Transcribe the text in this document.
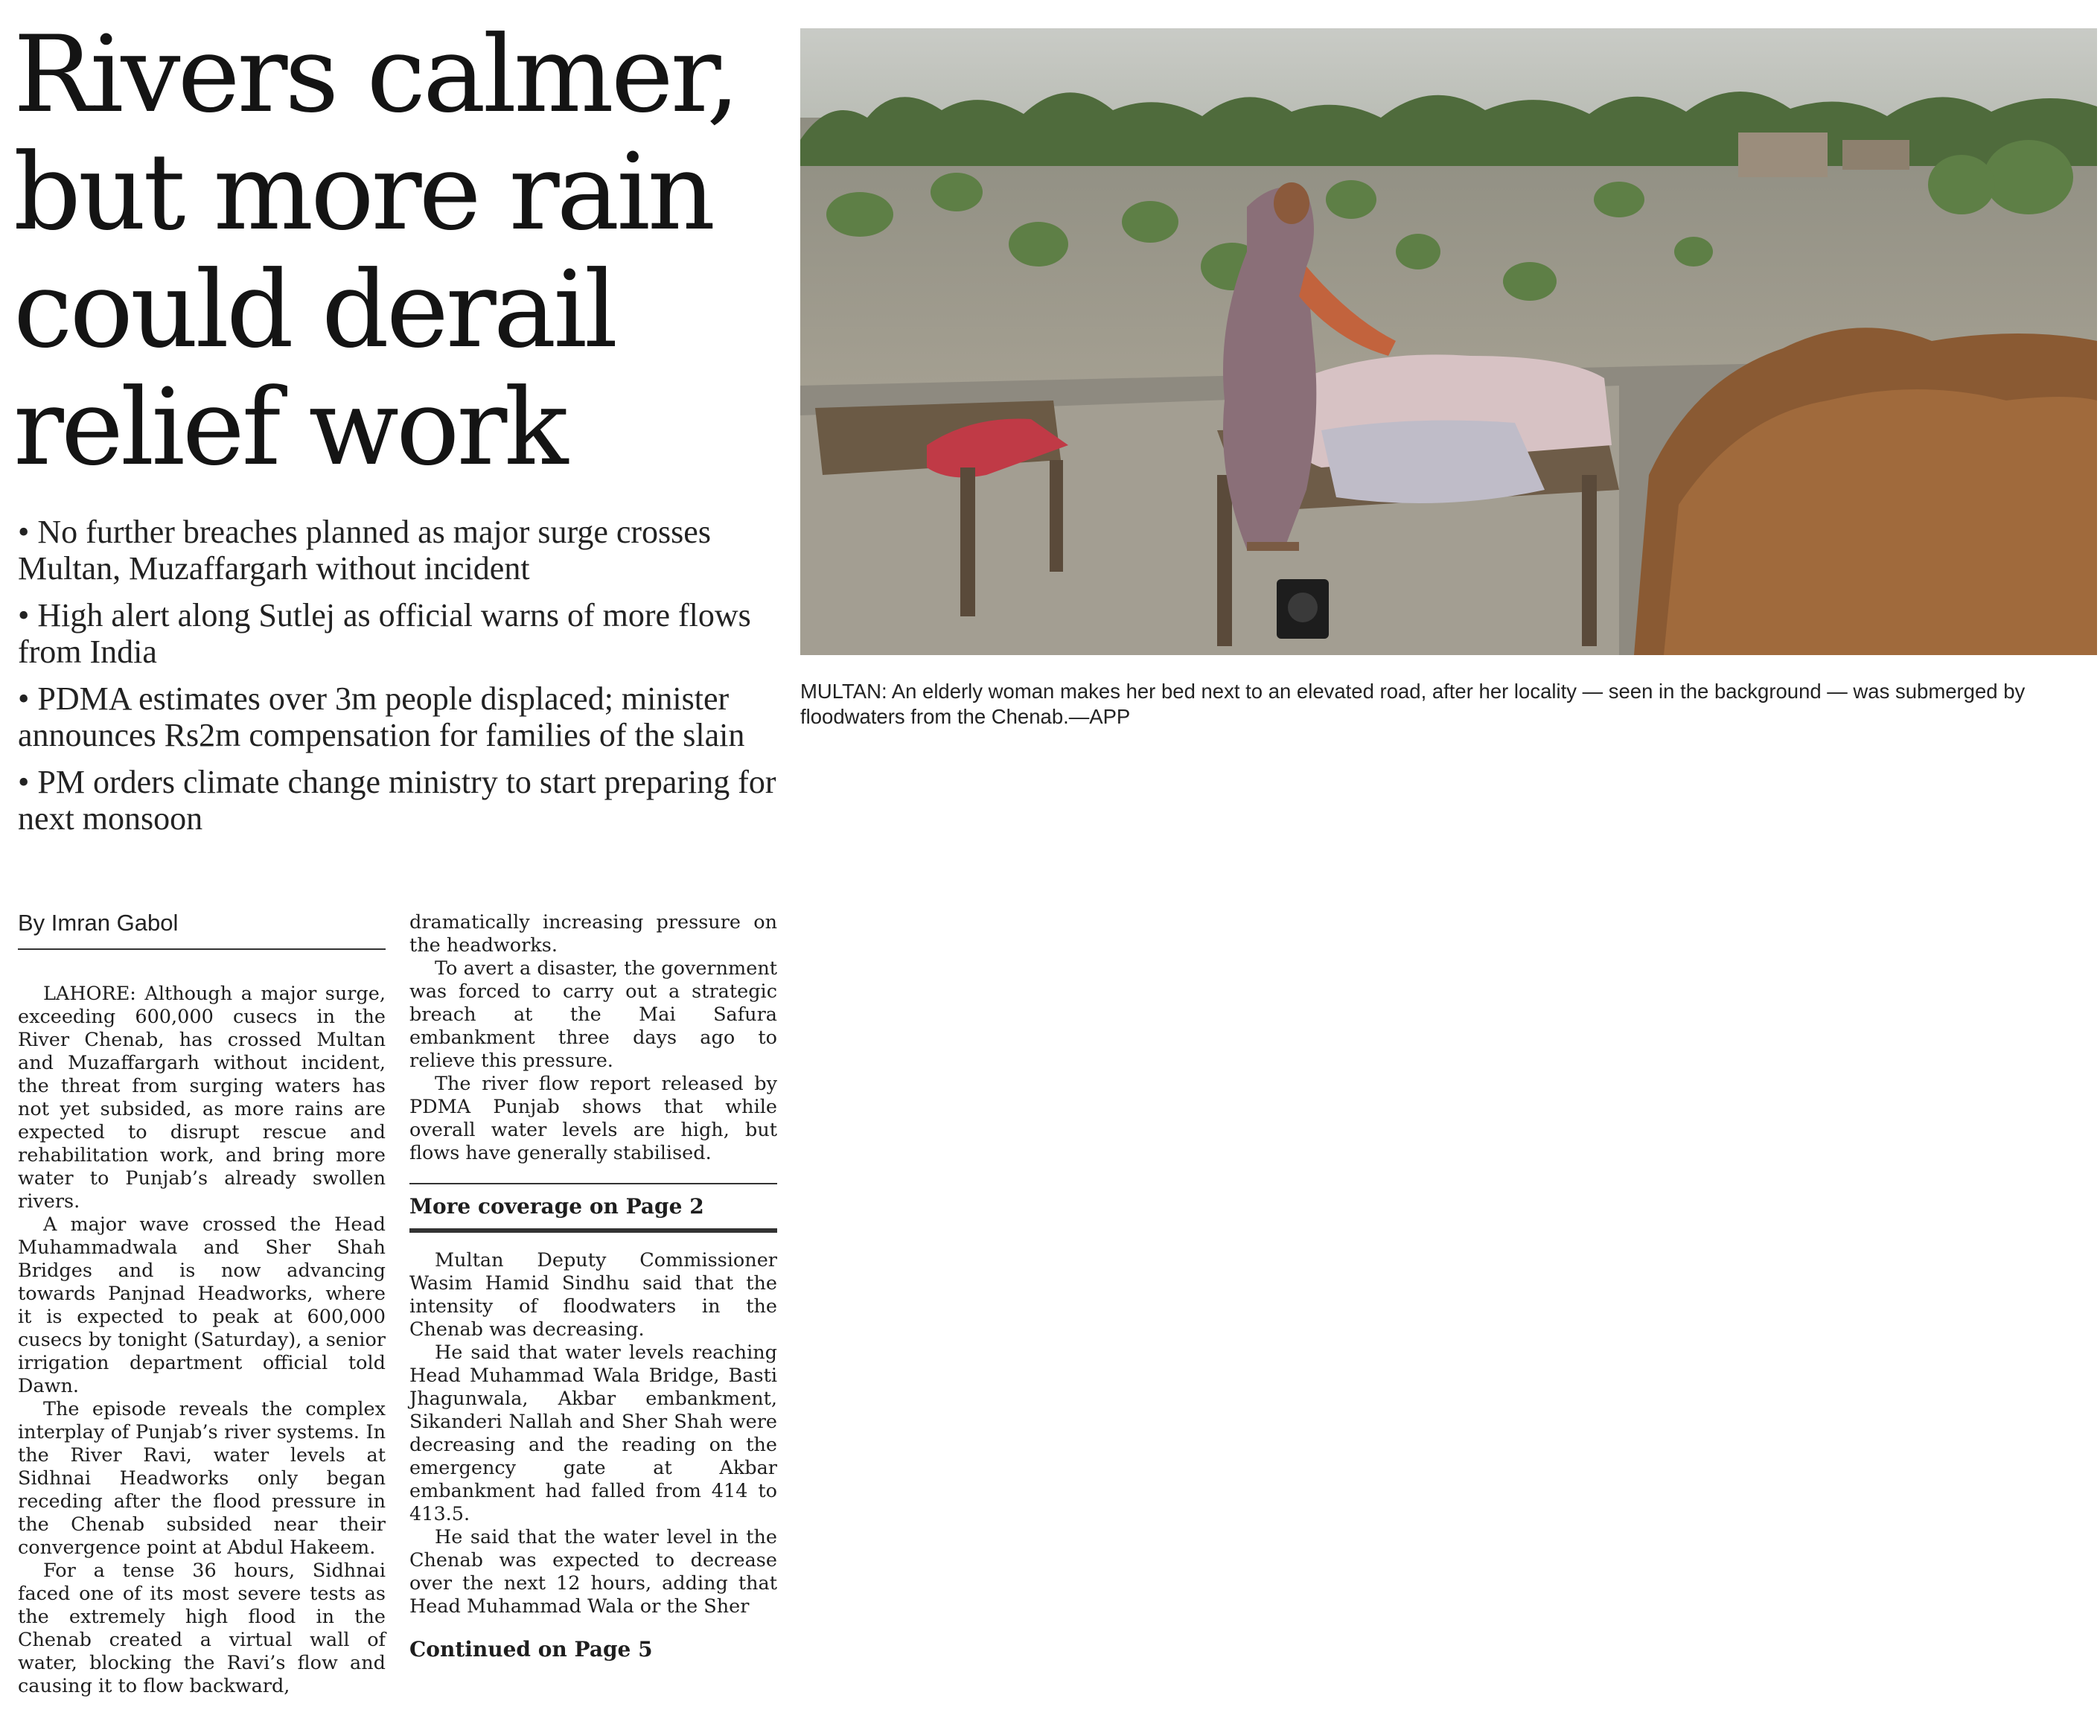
Rivers calmer,
but more rain
could derail
relief work
• No further breaches planned as major surge crosses Multan, Muzaffargarh without incident
• High alert along Sutlej as official warns of more flows from India
• PDMA estimates over 3m people displaced; minister announces Rs2m compensation for families of the slain
• PM orders climate change ministry to start preparing for next monsoon
By Imran Gabol

LAHORE: Although a major surge, exceeding 600,000 cusecs in the River Chenab, has crossed Multan and Muzaffargarh without incident, the threat from surging waters has not yet subsided, as more rains are expected to disrupt rescue and rehabilitation work, and bring more water to Punjab’s already swollen rivers.

A major wave crossed the Head Muhammadwala and Sher Shah Bridges and is now advancing towards Panjnad Headworks, where it is expected to peak at 600,000 cusecs by tonight (Saturday), a senior irrigation department official told Dawn.

The episode reveals the complex interplay of Punjab’s river systems. In the River Ravi, water levels at Sidhnai Headworks only began receding after the flood pressure in the Chenab subsided near their convergence point at Abdul Hakeem.

For a tense 36 hours, Sidhnai faced one of its most severe tests as the extremely high flood in the Chenab created a virtual wall of water, blocking the Ravi’s flow and causing it to flow backward,

dramatically increasing pressure on the headworks.

To avert a disaster, the government was forced to carry out a strategic breach at the Mai Safura embankment three days ago to relieve this pressure.

The river flow report released by PDMA Punjab shows that while overall water levels are high, but flows have generally stabilised.

More coverage on Page 2

Multan Deputy Commissioner Wasim Hamid Sindhu said that the intensity of floodwaters in the Chenab was decreasing.

He said that water levels reaching Head Muhammad Wala Bridge, Basti Jhagunwala, Akbar embankment, Sikanderi Nallah and Sher Shah were decreasing and the reading on the emergency gate at Akbar embankment had falled from 414 to 413.5.

He said that the water level in the Chenab was expected to decrease over the next 12 hours, adding that Head Muhammad Wala or the Sher

Continued on Page 5
MULTAN: An elderly woman makes her bed next to an elevated road, after her locality — seen in the background — was submerged by floodwaters from the Chenab.—APP
